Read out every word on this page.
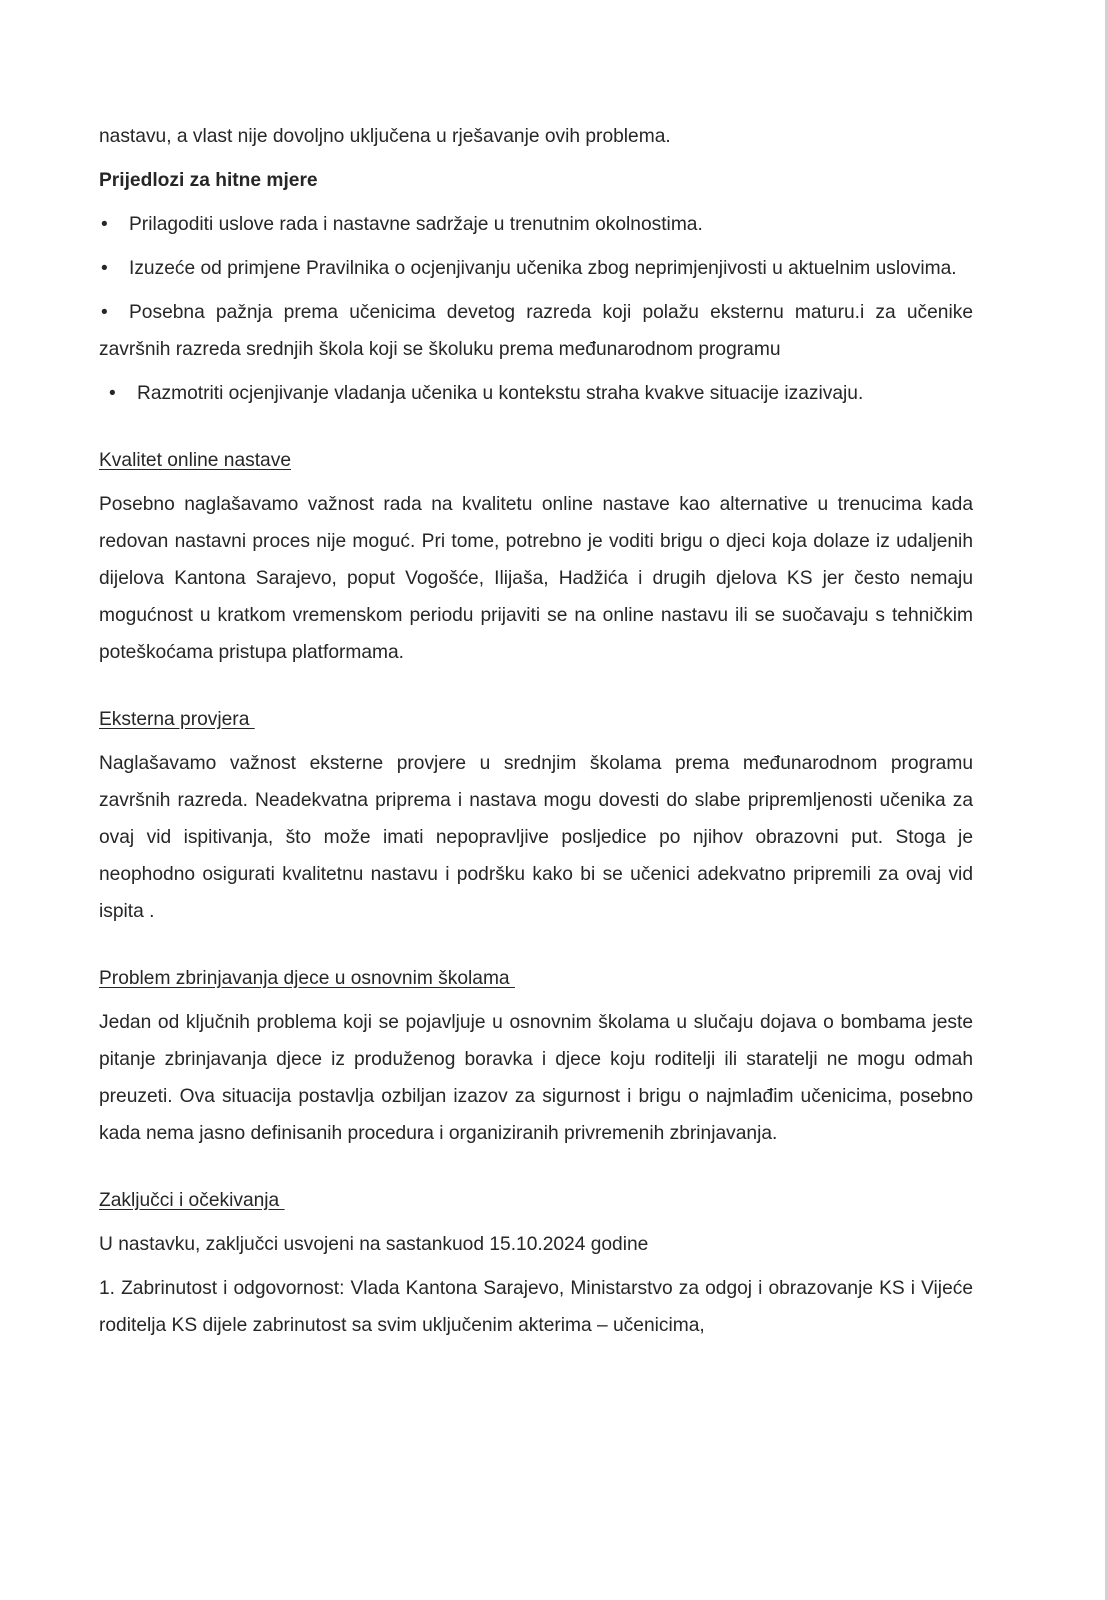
nastavu, a vlast nije dovoljno uključena u rješavanje ovih problema.

Prijedlozi za hitne mjere

• Prilagoditi uslove rada i nastavne sadržaje u trenutnim okolnostima.

• Izuzeće od primjene Pravilnika o ocjenjivanju učenika zbog neprimjenjivosti u aktuelnim uslovima.

• Posebna pažnja prema učenicima devetog razreda koji polažu eksternu maturu.i za učenike završnih razreda srednjih škola koji se školuku prema međunarodnom programu

• Razmotriti ocjenjivanje vladanja učenika u kontekstu straha kvakve situacije izazivaju.

Kvalitet online nastave

Posebno naglašavamo važnost rada na kvalitetu online nastave kao alternative u trenucima kada redovan nastavni proces nije moguć. Pri tome, potrebno je voditi brigu o djeci koja dolaze iz udaljenih dijelova Kantona Sarajevo, poput Vogošće, Ilijaša, Hadžića i drugih djelova KS jer često nemaju mogućnost u kratkom vremenskom periodu prijaviti se na online nastavu ili se suočavaju s tehničkim poteškoćama pristupa platformama.

Eksterna provjera

Naglašavamo važnost eksterne provjere u srednjim školama prema međunarodnom programu završnih razreda. Neadekvatna priprema i nastava mogu dovesti do slabe pripremljenosti učenika za ovaj vid ispitivanja, što može imati nepopravljive posljedice po njihov obrazovni put. Stoga je neophodno osigurati kvalitetnu nastavu i podršku kako bi se učenici adekvatno pripremili za ovaj vid ispita .

Problem zbrinjavanja djece u osnovnim školama

Jedan od ključnih problema koji se pojavljuje u osnovnim školama u slučaju dojava o bombama jeste pitanje zbrinjavanja djece iz produženog boravka i djece koju roditelji ili staratelji ne mogu odmah preuzeti. Ova situacija postavlja ozbiljan izazov za sigurnost i brigu o najmlađim učenicima, posebno kada nema jasno definisanih procedura i organiziranih privremenih zbrinjavanja.

Zaključci i očekivanja

U nastavku, zaključci usvojeni na sastankuod 15.10.2024 godine

1. Zabrinutost i odgovornost: Vlada Kantona Sarajevo, Ministarstvo za odgoj i obrazovanje KS i Vijeće roditelja KS dijele zabrinutost sa svim uključenim akterima – učenicima,
